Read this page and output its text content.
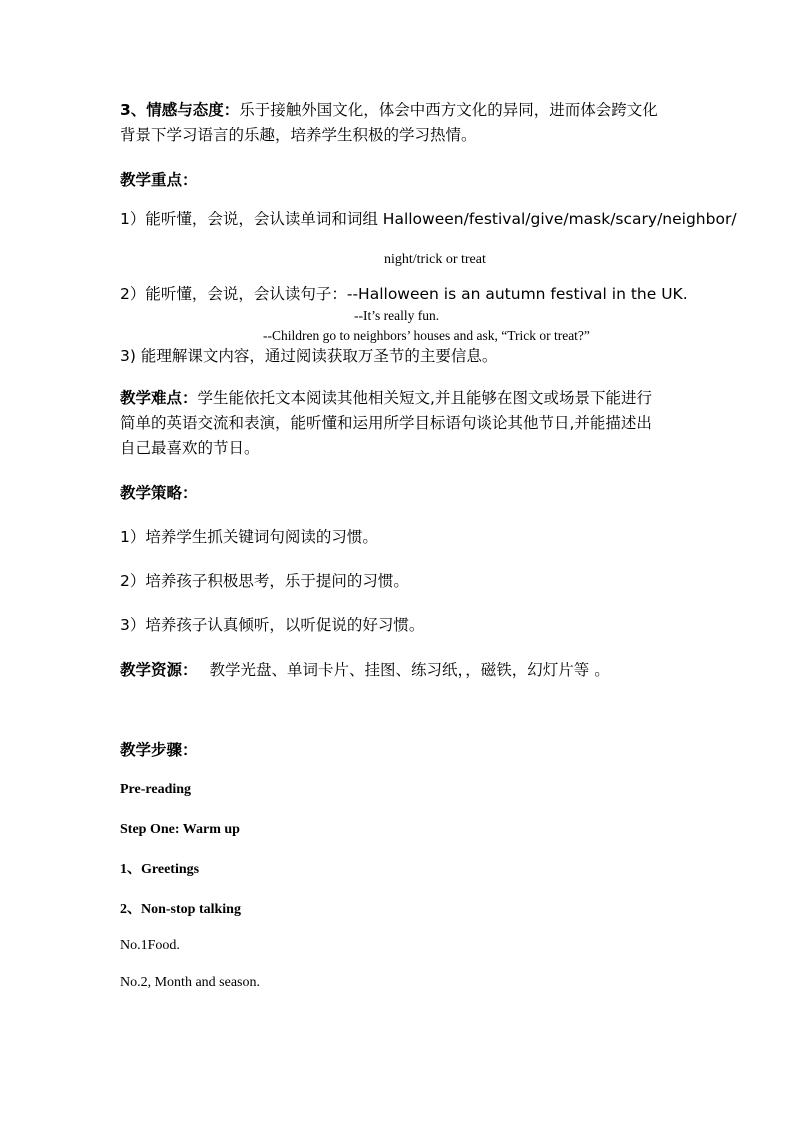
3、情感与态度：乐于接触外国文化，体会中西方文化的异同，进而体会跨文化
背景下学习语言的乐趣，培养学生积极的学习热情。
教学重点：
1）能听懂，会说，会认读单词和词组 Halloween/festival/give/mask/scary/neighbor/
night/trick or treat
2）能听懂，会说，会认读句子：--Halloween is an autumn festival in the UK.
--It’s really fun.
--Children go to neighbors’ houses and ask, “Trick or treat?”
3) 能理解课文内容，通过阅读获取万圣节的主要信息。
教学难点：学生能依托文本阅读其他相关短文,并且能够在图文或场景下能进行
简单的英语交流和表演，能听懂和运用所学目标语句谈论其他节日,并能描述出
自己最喜欢的节日。
教学策略：
1）培养学生抓关键词句阅读的习惯。
2）培养孩子积极思考，乐于提问的习惯。
3）培养孩子认真倾听，以听促说的好习惯。
教学资源： 教学光盘、单词卡片、挂图、练习纸，，磁铁，幻灯片等 。
教学步骤：
Pre-reading
Step One: Warm up
1、Greetings
2、Non-stop talking
No.1Food.
No.2, Month and season.
